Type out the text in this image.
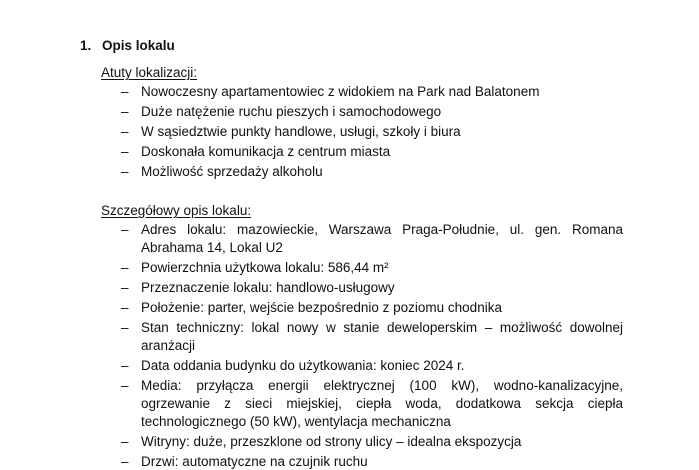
1. Opis lokalu
Atuty lokalizacji:
– Nowoczesny apartamentowiec z widokiem na Park nad Balatonem
– Duże natężenie ruchu pieszych i samochodowego
– W sąsiedztwie punkty handlowe, usługi, szkoły i biura
– Doskonała komunikacja z centrum miasta
– Możliwość sprzedaży alkoholu
Szczegółowy opis lokalu:
– Adres lokalu: mazowieckie, Warszawa Praga-Południe, ul. gen. Romana Abrahama 14, Lokal U2
– Powierzchnia użytkowa lokalu: 586,44 m²
– Przeznaczenie lokalu: handlowo-usługowy
– Położenie: parter, wejście bezpośrednio z poziomu chodnika
– Stan techniczny: lokal nowy w stanie deweloperskim – możliwość dowolnej aranżacji
– Data oddania budynku do użytkowania: koniec 2024 r.
– Media: przyłącza energii elektrycznej (100 kW), wodno-kanalizacyjne, ogrzewanie z sieci miejskiej, ciepła woda, dodatkowa sekcja ciepła technologicznego (50 kW), wentylacja mechaniczna
– Witryny: duże, przeszklone od strony ulicy – idealna ekspozycja
– Drzwi: automatyczne na czujnik ruchu
